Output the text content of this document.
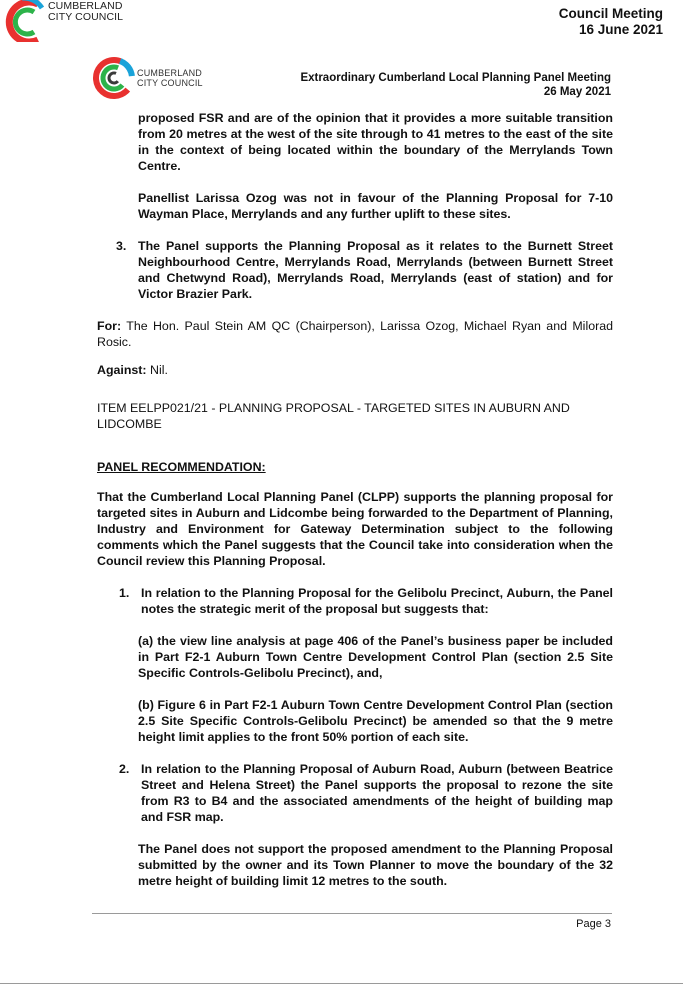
CUMBERLAND
CITY COUNCIL	Council Meeting
16 June 2021
CUMBERLAND
CITY COUNCIL	Extraordinary Cumberland Local Planning Panel Meeting
26 May 2021

proposed FSR and are of the opinion that it provides a more suitable transition from 20 metres at the west of the site through to 41 metres to the east of the site in the context of being located within the boundary of the Merrylands Town Centre.

Panellist Larissa Ozog was not in favour of the Planning Proposal for 7-10 Wayman Place, Merrylands and any further uplift to these sites.

3. The Panel supports the Planning Proposal as it relates to the Burnett Street Neighbourhood Centre, Merrylands Road, Merrylands (between Burnett Street and Chetwynd Road), Merrylands Road, Merrylands (east of station) and for Victor Brazier Park.

For: The Hon. Paul Stein AM QC (Chairperson), Larissa Ozog, Michael Ryan and Milorad Rosic.

Against: Nil.

ITEM EELPP021/21 - PLANNING PROPOSAL - TARGETED SITES IN AUBURN AND LIDCOMBE

PANEL RECOMMENDATION:

That the Cumberland Local Planning Panel (CLPP) supports the planning proposal for targeted sites in Auburn and Lidcombe being forwarded to the Department of Planning, Industry and Environment for Gateway Determination subject to the following comments which the Panel suggests that the Council take into consideration when the Council review this Planning Proposal.

1. In relation to the Planning Proposal for the Gelibolu Precinct, Auburn, the Panel notes the strategic merit of the proposal but suggests that:

(a) the view line analysis at page 406 of the Panel’s business paper be included in Part F2-1 Auburn Town Centre Development Control Plan (section 2.5 Site Specific Controls-Gelibolu Precinct), and,

(b) Figure 6 in Part F2-1 Auburn Town Centre Development Control Plan (section 2.5 Site Specific Controls-Gelibolu Precinct) be amended so that the 9 metre height limit applies to the front 50% portion of each site.

2. In relation to the Planning Proposal of Auburn Road, Auburn (between Beatrice Street and Helena Street) the Panel supports the proposal to rezone the site from R3 to B4 and the associated amendments of the height of building map and FSR map.

The Panel does not support the proposed amendment to the Planning Proposal submitted by the owner and its Town Planner to move the boundary of the 32 metre height of building limit 12 metres to the south.

Page 3
